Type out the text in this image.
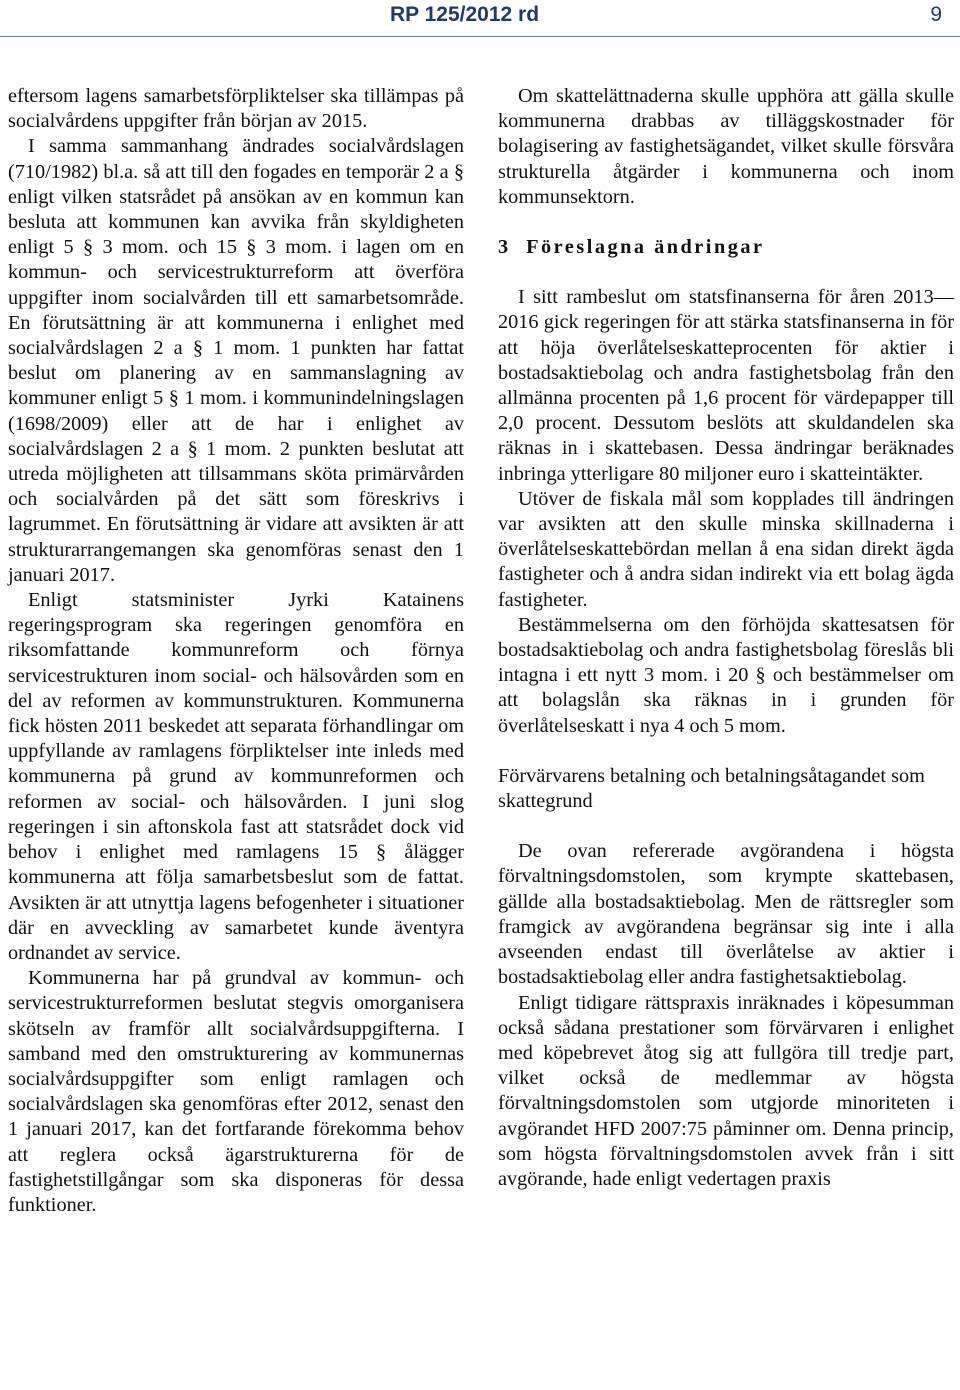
RP 125/2012 rd	9

eftersom lagens samarbetsförpliktelser ska tillämpas på socialvårdens uppgifter från början av 2015.

I samma sammanhang ändrades socialvårdslagen (710/1982) bl.a. så att till den fogades en temporär 2 a § enligt vilken statsrådet på ansökan av en kommun kan besluta att kommunen kan avvika från skyldigheten enligt 5 § 3 mom. och 15 § 3 mom. i lagen om en kommun- och servicestrukturreform att överföra uppgifter inom socialvården till ett samarbetsområde. En förutsättning är att kommunerna i enlighet med socialvårdslagen 2 a § 1 mom. 1 punkten har fattat beslut om planering av en sammanslagning av kommuner enligt 5 § 1 mom. i kommunindelningslagen (1698/2009) eller att de har i enlighet av socialvårdslagen 2 a § 1 mom. 2 punkten beslutat att utreda möjligheten att tillsammans sköta primärvården och socialvården på det sätt som föreskrivs i lagrummet. En förutsättning är vidare att avsikten är att strukturarrangemangen ska genomföras senast den 1 januari 2017.

Enligt statsminister Jyrki Katainens regeringsprogram ska regeringen genomföra en riksomfattande kommunreform och förnya servicestrukturen inom social- och hälsovården som en del av reformen av kommunstrukturen. Kommunerna fick hösten 2011 beskedet att separata förhandlingar om uppfyllande av ramlagens förpliktelser inte inleds med kommunerna på grund av kommunreformen och reformen av social- och hälsovården. I juni slog regeringen i sin aftonskola fast att statsrådet dock vid behov i enlighet med ramlagens 15 § ålägger kommunerna att följa samarbetsbeslut som de fattat. Avsikten är att utnyttja lagens befogenheter i situationer där en avveckling av samarbetet kunde äventyra ordnandet av service.

Kommunerna har på grundval av kommun- och servicestrukturreformen beslutat stegvis omorganisera skötseln av framför allt socialvårdsuppgifterna. I samband med den omstrukturering av kommunernas socialvårdsuppgifter som enligt ramlagen och socialvårdslagen ska genomföras efter 2012, senast den 1 januari 2017, kan det fortfarande förekomma behov att reglera också ägarstrukturerna för de fastighetstillgångar som ska disponeras för dessa funktioner.

Om skattelättnaderna skulle upphöra att gälla skulle kommunerna drabbas av tilläggskostnader för bolagisering av fastighetsägandet, vilket skulle försvåra strukturella åtgärder i kommunerna och inom kommunsektorn.

3 Föreslagna ändringar

I sitt rambeslut om statsfinanserna för åren 2013—2016 gick regeringen för att stärka statsfinanserna in för att höja överlåtelseskatteprocenten för aktier i bostadsaktiebolag och andra fastighetsbolag från den allmänna procenten på 1,6 procent för värdepapper till 2,0 procent. Dessutom beslöts att skuldandelen ska räknas in i skattebasen. Dessa ändringar beräknades inbringa ytterligare 80 miljoner euro i skatteintäkter.

Utöver de fiskala mål som kopplades till ändringen var avsikten att den skulle minska skillnaderna i överlåtelseskattebördan mellan å ena sidan direkt ägda fastigheter och å andra sidan indirekt via ett bolag ägda fastigheter.

Bestämmelserna om den förhöjda skattesatsen för bostadsaktiebolag och andra fastighetsbolag föreslås bli intagna i ett nytt 3 mom. i 20 § och bestämmelser om att bolagslån ska räknas in i grunden för överlåtelseskatt i nya 4 och 5 mom.

Förvärvarens betalning och betalningsåtagandet som skattegrund

De ovan refererade avgörandena i högsta förvaltningsdomstolen, som krympte skattebasen, gällde alla bostadsaktiebolag. Men de rättsregler som framgick av avgörandena begränsar sig inte i alla avseenden endast till överlåtelse av aktier i bostadsaktiebolag eller andra fastighetsaktiebolag.

Enligt tidigare rättspraxis inräknades i köpesumman också sådana prestationer som förvärvaren i enlighet med köpebrevet åtog sig att fullgöra till tredje part, vilket också de medlemmar av högsta förvaltningsdomstolen som utgjorde minoriteten i avgörandet HFD 2007:75 påminner om. Denna princip, som högsta förvaltningsdomstolen avvek från i sitt avgörande, hade enligt vedertagen praxis
